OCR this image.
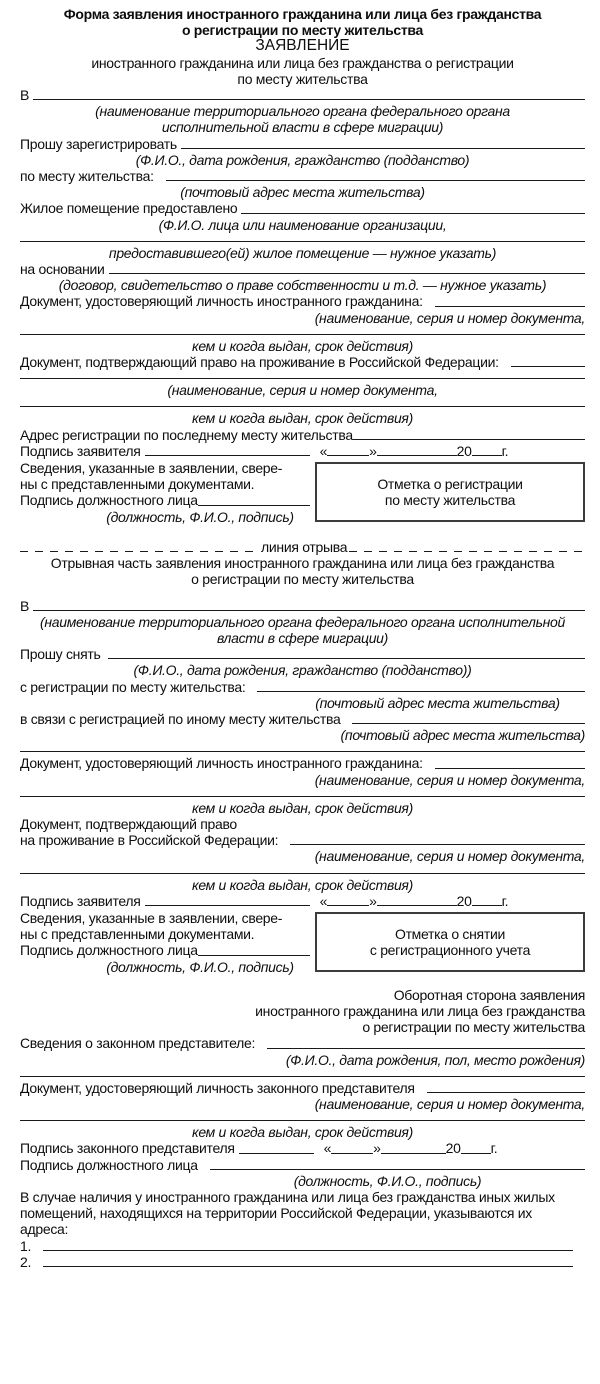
Форма заявления иностранного гражданина или лица без гражданства
о регистрации по месту жительства
ЗАЯВЛЕНИЕ
иностранного гражданина или лица без гражданства о регистрации
по месту жительства
В
(наименование территориального органа федерального органа
исполнительной власти в сфере миграции)
Прошу зарегистрировать
(Ф.И.О., дата рождения, гражданство (подданство)
по месту жительства:
(почтовый адрес места жительства)
Жилое помещение предоставлено
(Ф.И.О. лица или наименование организации,
предоставившего(ей) жилое помещение — нужное указать)
на основании
(договор, свидетельство о праве собственности и т.д. — нужное указать)
Документ, удостоверяющий личность иностранного гражданина:
(наименование, серия и номер документа,
кем и когда выдан, срок действия)
Документ, подтверждающий право на проживание в Российской Федерации:
(наименование, серия и номер документа,
кем и когда выдан, срок действия)
Адрес регистрации по последнему месту жительства
Подпись заявителя	«	»	20 г.
Сведения, указанные в заявлении, свере-
ны с представленными документами.
Подпись должностного лица
(должность, Ф.И.О., подпись)
Отметка о регистрации
по месту жительства
линия отрыва
Отрывная часть заявления иностранного гражданина или лица без гражданства
о регистрации по месту жительства
В
(наименование территориального органа федерального органа исполнительной
власти в сфере миграции)
Прошу снять
(Ф.И.О., дата рождения, гражданство (подданство))
с регистрации по месту жительства:
(почтовый адрес места жительства)
в связи с регистрацией по иному месту жительства
(почтовый адрес места жительства)
Документ, удостоверяющий личность иностранного гражданина:
(наименование, серия и номер документа,
кем и когда выдан, срок действия)
Документ, подтверждающий право
на проживание в Российской Федерации:
(наименование, серия и номер документа,
кем и когда выдан, срок действия)
Подпись заявителя	«	»	20 г.
Сведения, указанные в заявлении, свере-
ны с представленными документами.
Подпись должностного лица
(должность, Ф.И.О., подпись)
Отметка о снятии
с регистрационного учета
Оборотная сторона заявления
иностранного гражданина или лица без гражданства
о регистрации по месту жительства
Сведения о законном представителе:
(Ф.И.О., дата рождения, пол, место рождения)
Документ, удостоверяющий личность законного представителя
(наименование, серия и номер документа,
кем и когда выдан, срок действия)
Подпись законного представителя	«	»	20 г.
Подпись должностного лица
(должность, Ф.И.О., подпись)
В случае наличия у иностранного гражданина или лица без гражданства иных жилых
помещений, находящихся на территории Российской Федерации, указываются их
адреса:
1.
2.
